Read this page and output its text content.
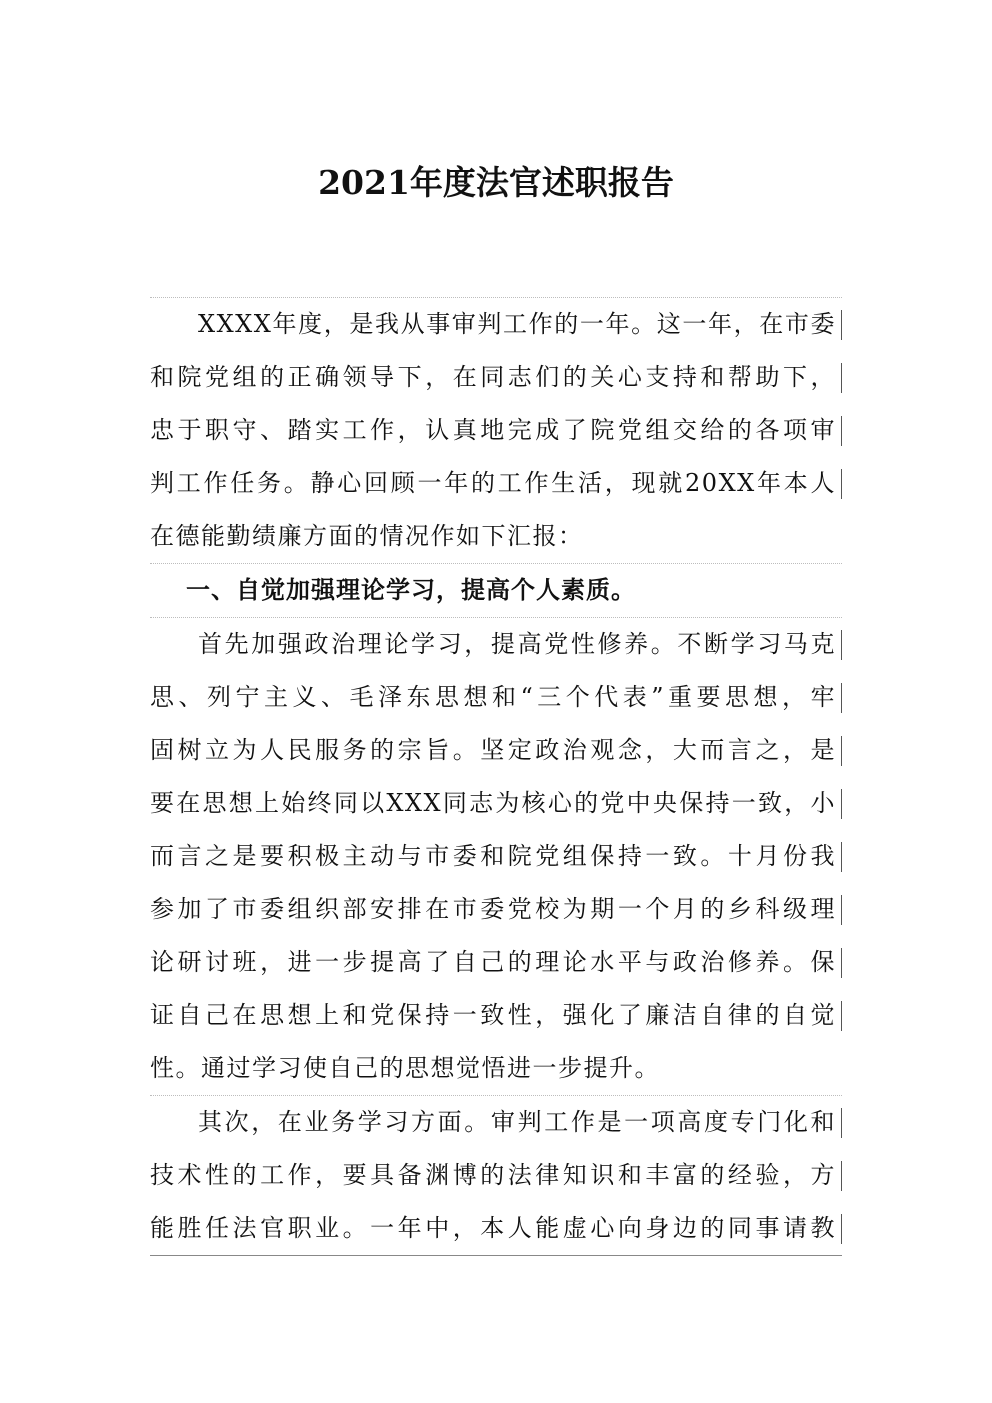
2021年度法官述职报告
XXXX年度，是我从事审判工作的一年。这一年，在市委
和院党组的正确领导下，在同志们的关心支持和帮助下，
忠于职守、踏实工作，认真地完成了院党组交给的各项审
判工作任务。静心回顾一年的工作生活，现就20XX年本人
在德能勤绩廉方面的情况作如下汇报：
一、自觉加强理论学习，提高个人素质。
首先加强政治理论学习，提高党性修养。不断学习马克
思、列宁主义、毛泽东思想和“三个代表”重要思想，牢
固树立为人民服务的宗旨。坚定政治观念，大而言之，是
要在思想上始终同以XXX同志为核心的党中央保持一致，小
而言之是要积极主动与市委和院党组保持一致。十月份我
参加了市委组织部安排在市委党校为期一个月的乡科级理
论研讨班，进一步提高了自己的理论水平与政治修养。保
证自己在思想上和党保持一致性，强化了廉洁自律的自觉
性。通过学习使自己的思想觉悟进一步提升。
其次，在业务学习方面。审判工作是一项高度专门化和
技术性的工作，要具备渊博的法律知识和丰富的经验，方
能胜任法官职业。一年中，本人能虚心向身边的同事请教
